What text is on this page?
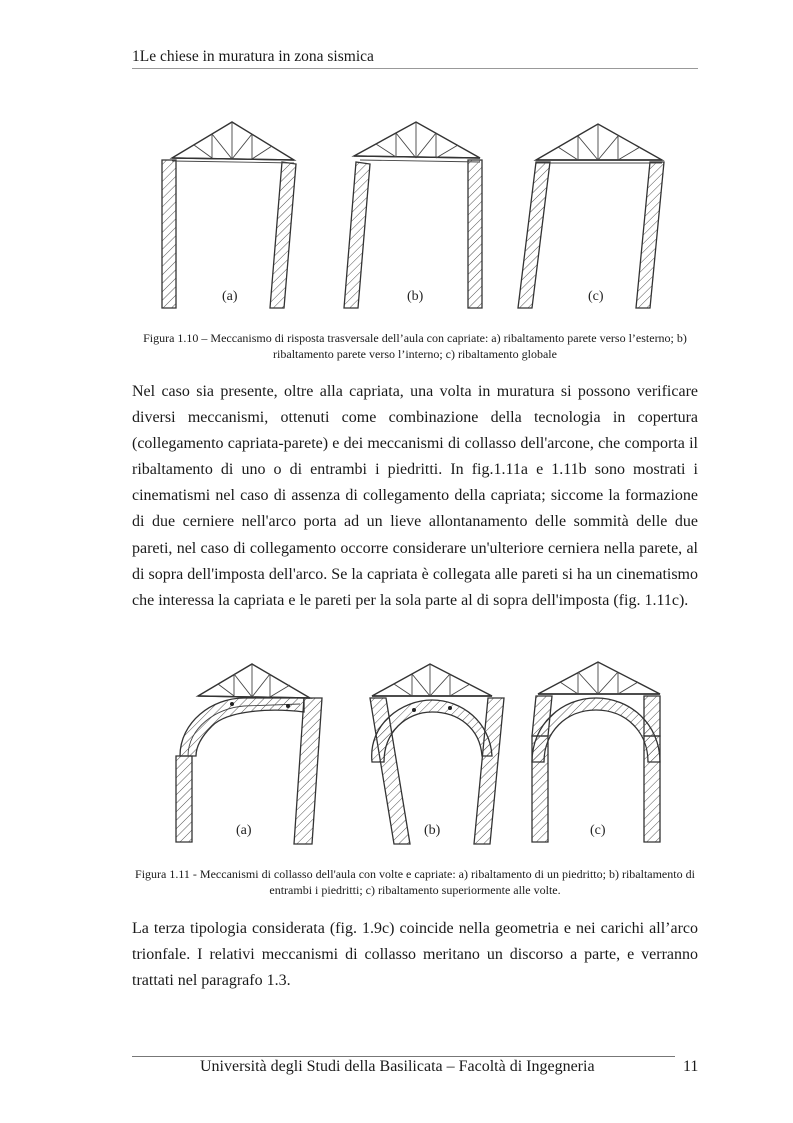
1Le chiese in muratura in zona sismica
(a)	(b)	(c)
Figura 1.10 – Meccanismo di risposta trasversale dell’aula con capriate: a) ribaltamento parete verso l’esterno; b) ribaltamento parete verso l’interno; c) ribaltamento globale
Nel caso sia presente, oltre alla capriata, una volta in muratura si possono verificare diversi meccanismi, ottenuti come combinazione della tecnologia in copertura (collegamento capriata-parete) e dei meccanismi di collasso dell'arcone, che comporta il ribaltamento di uno o di entrambi i piedritti. In fig.1.11a e 1.11b sono mostrati i cinematismi nel caso di assenza di collegamento della capriata; siccome la formazione di due cerniere nell'arco porta ad un lieve allontanamento delle sommità delle due pareti, nel caso di collegamento occorre considerare un'ulteriore cerniera nella parete, al di sopra dell'imposta dell'arco. Se la capriata è collegata alle pareti si ha un cinematismo che interessa la capriata e le pareti per la sola parte al di sopra dell'imposta (fig. 1.11c).
(a)	(b)	(c)
Figura 1.11 - Meccanismi di collasso dell'aula con volte e capriate: a) ribaltamento di un piedritto; b) ribaltamento di entrambi i piedritti; c) ribaltamento superiormente alle volte.
La terza tipologia considerata (fig. 1.9c) coincide nella geometria e nei carichi all’arco trionfale. I relativi meccanismi di collasso meritano un discorso a parte, e verranno trattati nel paragrafo 1.3.
Università degli Studi della Basilicata – Facoltà di Ingegneria	11
